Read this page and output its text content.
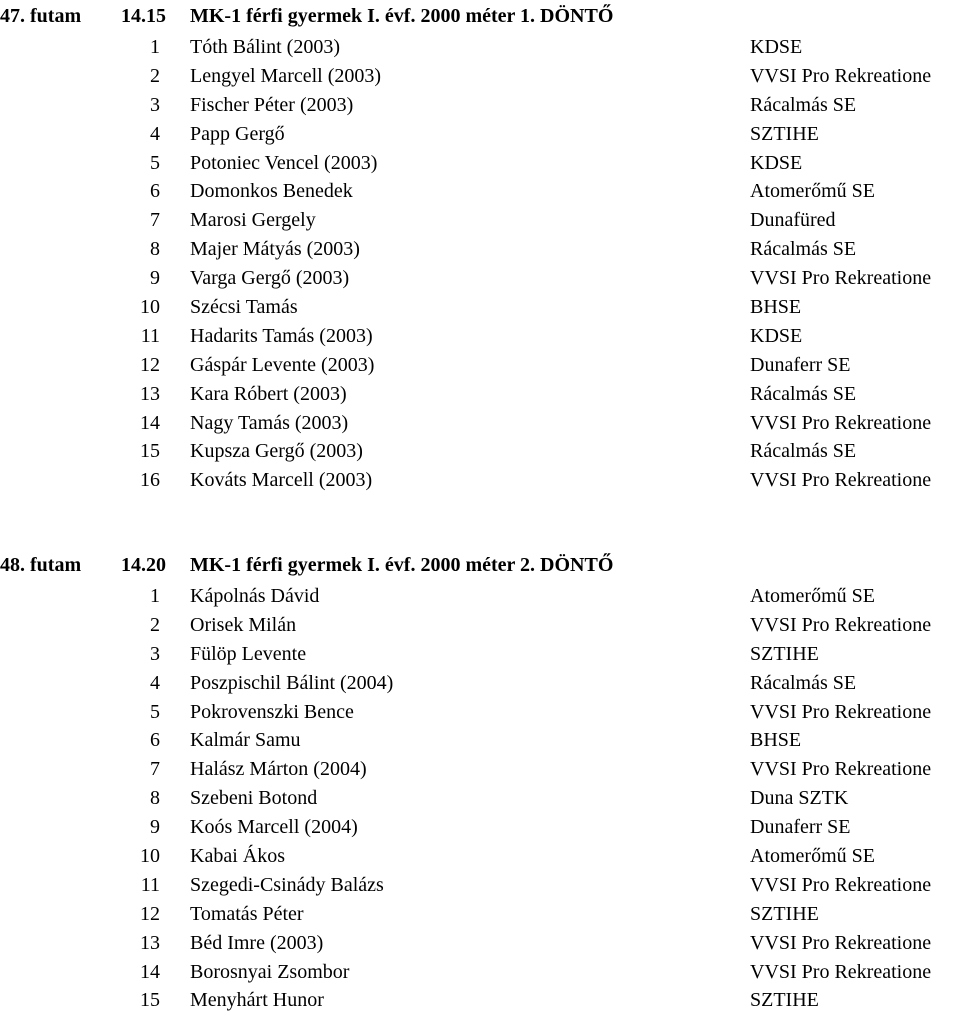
47. futam 14.15 MK-1 férfi gyermek I. évf. 2000 méter 1. DÖNTŐ
1 Tóth Bálint (2003)	KDSE
2 Lengyel Marcell (2003)	VVSI Pro Rekreatione
3 Fischer Péter (2003)	Rácalmás SE
4 Papp Gergő	SZTIHE
5 Potoniec Vencel (2003)	KDSE
6 Domonkos Benedek	Atomerőmű SE
7 Marosi Gergely	Dunafüred
8 Majer Mátyás (2003)	Rácalmás SE
9 Varga Gergő (2003)	VVSI Pro Rekreatione
10 Szécsi Tamás	BHSE
11 Hadarits Tamás (2003)	KDSE
12 Gáspár Levente (2003)	Dunaferr SE
13 Kara Róbert (2003)	Rácalmás SE
14 Nagy Tamás (2003)	VVSI Pro Rekreatione
15 Kupsza Gergő (2003)	Rácalmás SE
16 Kováts Marcell (2003)	VVSI Pro Rekreatione
48. futam 14.20 MK-1 férfi gyermek I. évf. 2000 méter 2. DÖNTŐ
1 Kápolnás Dávid	Atomerőmű SE
2 Orisek Milán	VVSI Pro Rekreatione
3 Fülöp Levente	SZTIHE
4 Poszpischil Bálint (2004)	Rácalmás SE
5 Pokrovenszki Bence	VVSI Pro Rekreatione
6 Kalmár Samu	BHSE
7 Halász Márton (2004)	VVSI Pro Rekreatione
8 Szebeni Botond	Duna SZTK
9 Koós Marcell (2004)	Dunaferr SE
10 Kabai Ákos	Atomerőmű SE
11 Szegedi-Csinády Balázs	VVSI Pro Rekreatione
12 Tomatás Péter	SZTIHE
13 Béd Imre (2003)	VVSI Pro Rekreatione
14 Borosnyai Zsombor	VVSI Pro Rekreatione
15 Menyhárt Hunor	SZTIHE
